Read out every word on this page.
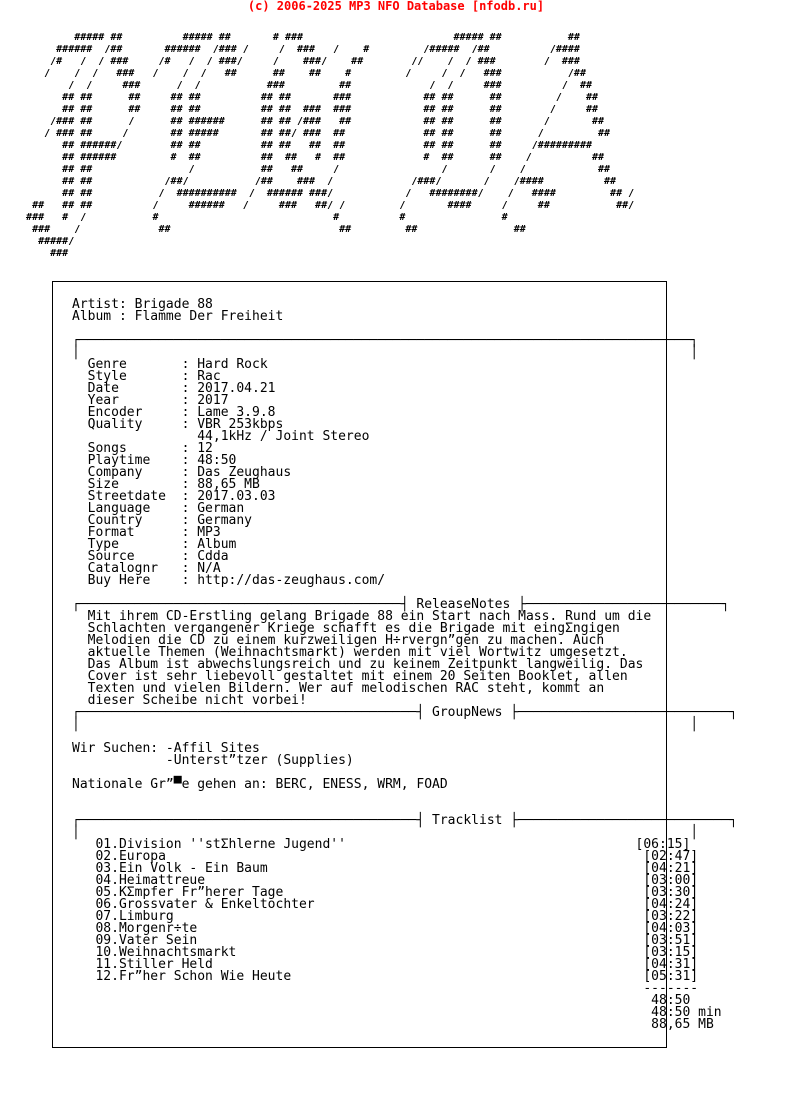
(c) 2006-2025 MP3 NFO Database [nfodb.ru]
##### ##          ##### ##       # ###                         ##### ##           ##
######  /##       ######  /### /     /  ###   /    #         /#####  /##          /####
/#   /  / ###     /#   /  / ###/     /    ###/    ##        //    /  / ###        /  ###
/    /  /   ###   /    /  /   ##      ##    ##    #         /     /  /   ###           /##
/  /     ###      /  /           ###         ##             /  /     ###          /  ##
## ##      ##     ## ##          ## ##       ###            ## ##      ##         /    ##
## ##      ##     ## ##          ## ##  ###  ###            ## ##      ##        /     ##
/### ##      /      ## ######      ## ## /###   ##            ## ##      ##       /       ##
/ ### ##     /       ## #####       ## ##/ ###  ##             ## ##      ##      /         ##
## ######/        ## ##          ## ##   ##  ##             ## ##      ##     /#########
## ######         #  ##          ##  ##   #  ##             #  ##      ##    /          ##
## ##                /           ##   ##     /                 /       /    /            ##
## ##            /##/           /##    ###  /             /###/       /    /####          ##
## ##           /  ##########  /  ###### ###/            /   ########/    /   ####         ## /
##   ## ##          /     ######   /     ###   ##/ /         /       ####     /     ##           ##/
###   #  /           #                             #          #                #
###    /             ##                            ##         ##                ##
#####/
###
Artist: Brigade 88
Album : Flamme Der Freiheit

┌──────────────────────────────────────────────────────────────────────────────┐
│                                                                              │
Genre       : Hard Rock
Style       : Rac
Date        : 2017.04.21
Year        : 2017
Encoder     : Lame 3.9.8
Quality     : VBR 253kbps
44,1kHz / Joint Stereo
Songs       : 12
Playtime    : 48:50
Company     : Das Zeughaus
Size        : 88,65 MB
Streetdate  : 2017.03.03
Language    : German
Country     : Germany
Format      : MP3
Type        : Album
Source      : Cdda
Catalognr   : N/A
Buy Here    : http://das-zeughaus.com/

┌─────────────────────────────────────────┤ ReleaseNotes ├─────────────────────────┐
Mit ihrem CD-Erstling gelang Brigade 88 ein Start nach Mass. Rund um die
Schlachten vergangener Kriege schafft es die Brigade mit eingΣngigen
Melodien die CD zu einem kurzweiligen H÷rvergn”gen zu machen. Auch
aktuelle Themen (Weihnachtsmarkt) werden mit viel Wortwitz umgesetzt.
Das Album ist abwechslungsreich und zu keinem Zeitpunkt langweilig. Das
Cover ist sehr liebevoll gestaltet mit einem 20 Seiten Booklet, allen
Texten und vielen Bildern. Wer auf melodischen RAC steht, kommt an
dieser Scheibe nicht vorbei!
┌───────────────────────────────────────────┤ GroupNews ├───────────────────────────┐
│                                                                              │

Wir Suchen: -Affil Sites
-Unterst”tzer (Supplies)

Nationale Gr”▀e gehen an: BERC, ENESS, WRM, FOAD

┌───────────────────────────────────────────┤ Tracklist ├───────────────────────────┐
│                                                                              │
01.Division ''stΣhlerne Jugend''                                     [06:15]
02.Europa                                                             [02:47]
03.Ein Volk - Ein Baum                                                [04:21]
04.Heimattreue                                                        [03:00]
05.KΣmpfer Fr”herer Tage                                              [03:30]
06.Grossvater & Enkeltochter                                          [04:24]
07.Limburg                                                            [03:22]
08.Morgenr÷te                                                         [04:03]
09.Vater Sein                                                         [03:51]
10.Weihnachtsmarkt                                                    [03:15]
11.Stiller Held                                                       [04:31]
12.Fr”her Schon Wie Heute                                             [05:31]
-------
48:50
48:50 min
88,65 MB
